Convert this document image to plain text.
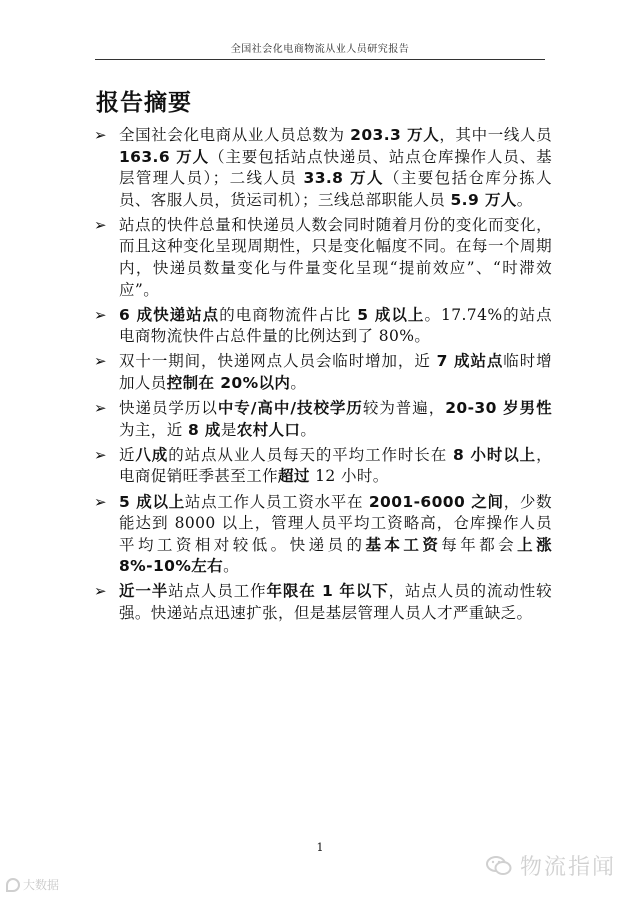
全国社会化电商物流从业人员研究报告
报告摘要
➢ 全国社会化电商从业人员总数为 203.3 万人，其中一线人员 163.6 万人（主要包括站点快递员、站点仓库操作人员、基层管理人员）；二线人员 33.8 万人（主要包括仓库分拣人员、客服人员，货运司机）；三线总部职能人员 5.9 万人。
➢ 站点的快件总量和快递员人数会同时随着月份的变化而变化，而且这种变化呈现周期性，只是变化幅度不同。在每一个周期内，快递员数量变化与件量变化呈现“提前效应”、“时滞效应”。
➢ 6 成快递站点的电商物流件占比 5 成以上。17.74%的站点电商物流快件占总件量的比例达到了 80%。
➢ 双十一期间，快递网点人员会临时增加，近 7 成站点临时增加人员控制在 20%以内。
➢ 快递员学历以中专/高中/技校学历较为普遍，20-30 岁男性为主，近 8 成是农村人口。
➢ 近八成的站点从业人员每天的平均工作时长在 8 小时以上，电商促销旺季甚至工作超过 12 小时。
➢ 5 成以上站点工作人员工资水平在 2001-6000 之间，少数能达到 8000 以上，管理人员平均工资略高，仓库操作人员平均工资相对较低。快递员的基本工资每年都会上涨 8%-10%左右。
➢ 近一半站点人员工作年限在 1 年以下，站点人员的流动性较强。快递站点迅速扩张，但是基层管理人员人才严重缺乏。
1
大数据
物流指闻
